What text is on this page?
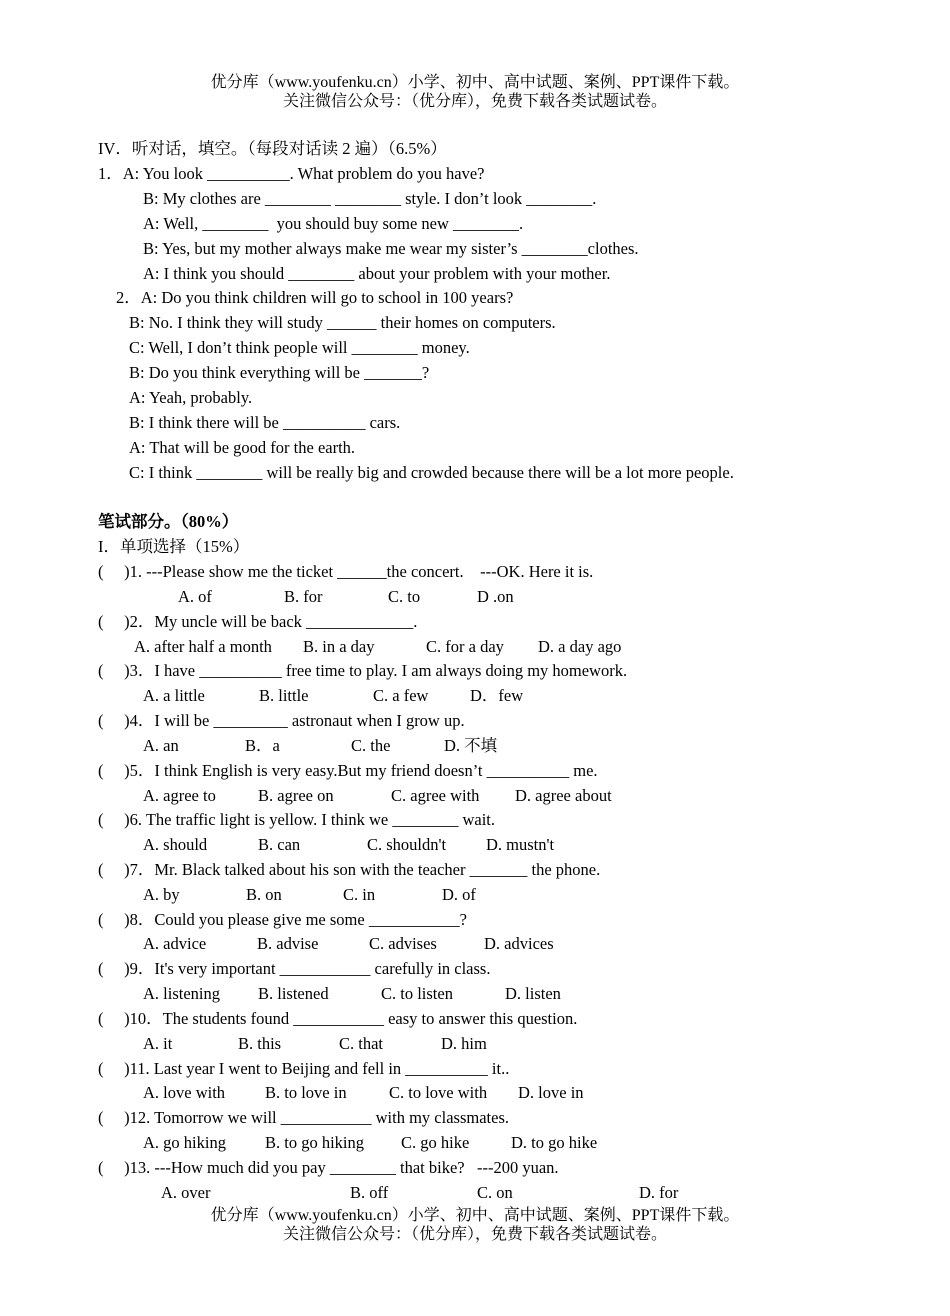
优分库（www.youfenku.cn）小学、初中、高中试题、案例、PPT课件下载。
关注微信公众号：（优分库），免费下载各类试题试卷。
IV．听对话，填空。（每段对话读 2 遍）（6.5%）
1．A: You look __________. What problem do you have?
B: My clothes are ________ ________ style. I don’t look ________.
A: Well, ________  you should buy some new ________.
B: Yes, but my mother always make me wear my sister’s ________clothes.
A: I think you should ________ about your problem with your mother.
2．A: Do you think children will go to school in 100 years?
B: No. I think they will study ______ their homes on computers.
C: Well, I don’t think people will ________ money.
B: Do you think everything will be _______?
A: Yeah, probably.
B: I think there will be __________ cars.
A: That will be good for the earth.
C: I think ________ will be really big and crowded because there will be a lot more people.
笔试部分。（80%）
I．单项选择（15%）
(     )1. ---Please show me the ticket ______the concert.    ---OK. Here it is.
A. of	B. for	C. to	D .on
(     )2．My uncle will be back _____________.
A. after half a month B. in a day	C. for a day D. a day ago
(     )3．I have __________ free time to play. I am always doing my homework.
A. a little	B. little	C. a few	D．few
(     )4．I will be _________ astronaut when I grow up.
A. an	B．a	C. the	D. 不填
(     )5．I think English is very easy.But my friend doesn’t __________ me.
A. agree to	B. agree on	C. agree with D. agree about
(     )6. The traffic light is yellow. I think we ________ wait.
A. should	B. can	C. shouldn't D. mustn't
(     )7．Mr. Black talked about his son with the teacher _______ the phone.
A. by	B. on	C. in	D. of
(     )8．Could you please give me some ___________?
A. advice	B. advise	C. advises	D. advices
(     )9．It's very important ___________ carefully in class.
A. listening B. listened	C. to listen	D. listen
(     )10．The students found ___________ easy to answer this question.
A. it	B. this	C. that	D. him
(     )11. Last year I went to Beijing and fell in __________ it..
A. love with B. to love in	C. to love with D. love in
(     )12. Tomorrow we will ___________ with my classmates.
A. go hiking B. to go hiking C. go hike	D. to go hike
(     )13. ---How much did you pay ________ that bike?   ---200 yuan.
A. over	B. off	C. on	D. for
优分库（www.youfenku.cn）小学、初中、高中试题、案例、PPT课件下载。
关注微信公众号：（优分库），免费下载各类试题试卷。
